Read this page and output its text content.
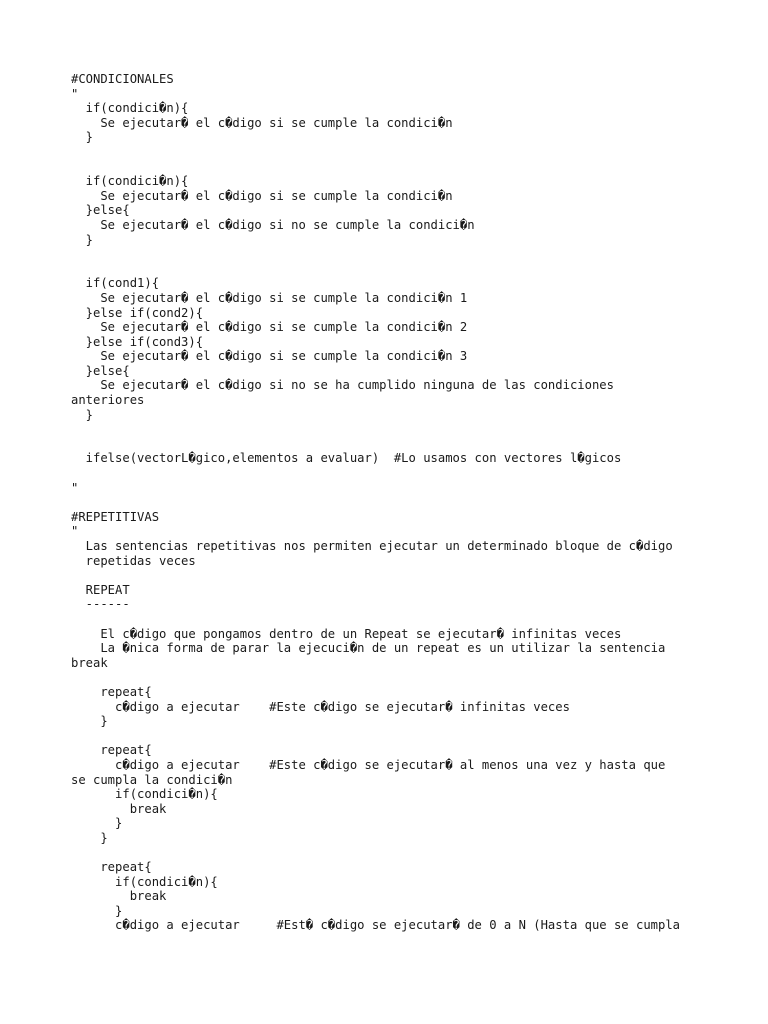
#CONDICIONALES
"
if(condici�n){
Se ejecutar� el c�digo si se cumple la condici�n
}
if(condici�n){
Se ejecutar� el c�digo si se cumple la condici�n
}else{
Se ejecutar� el c�digo si no se cumple la condici�n
}
if(cond1){
Se ejecutar� el c�digo si se cumple la condici�n 1
}else if(cond2){
Se ejecutar� el c�digo si se cumple la condici�n 2
}else if(cond3){
Se ejecutar� el c�digo si se cumple la condici�n 3
}else{
Se ejecutar� el c�digo si no se ha cumplido ninguna de las condiciones
anteriores
}
ifelse(vectorL�gico,elementos a evaluar)  #Lo usamos con vectores l�gicos
"
#REPETITIVAS
"
Las sentencias repetitivas nos permiten ejecutar un determinado bloque de c�digo
repetidas veces
REPEAT
------
El c�digo que pongamos dentro de un Repeat se ejecutar� infinitas veces
La �nica forma de parar la ejecuci�n de un repeat es un utilizar la sentencia
break
repeat{
c�digo a ejecutar    #Este c�digo se ejecutar� infinitas veces
}
repeat{
c�digo a ejecutar    #Este c�digo se ejecutar� al menos una vez y hasta que
se cumpla la condici�n
if(condici�n){
break
}
}
repeat{
if(condici�n){
break
}
c�digo a ejecutar     #Est� c�digo se ejecutar� de 0 a N (Hasta que se cumpla
